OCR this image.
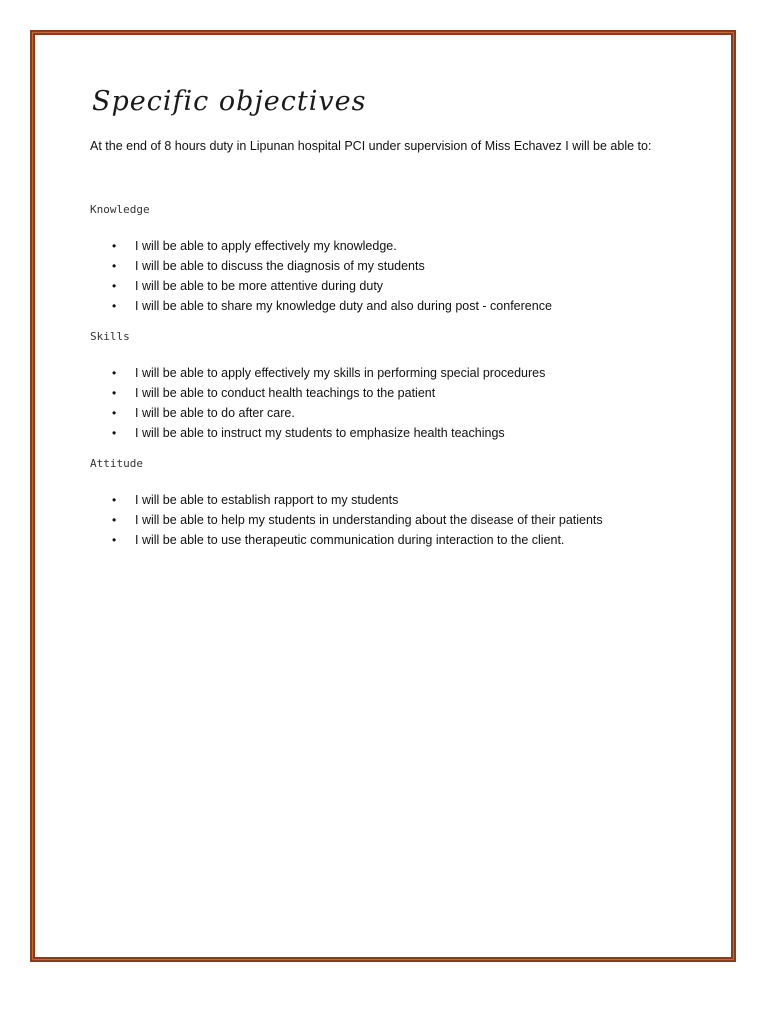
Specific objectives

At the end of 8 hours duty in Lipunan hospital PCI under supervision of Miss Echavez I will be able to:

Knowledge

• I will be able to apply effectively my knowledge.
• I will be able to discuss the diagnosis of my students
• I will be able to be more attentive during duty
• I will be able to share my knowledge duty and also during post - conference

Skills

• I will be able to apply effectively my skills in performing special procedures
• I will be able to conduct health teachings to the patient
• I will be able to do after care.
• I will be able to instruct my students to emphasize health teachings

Attitude

• I will be able to establish rapport to my students
• I will be able to help my students in understanding about the disease of their patients
• I will be able to use therapeutic communication during interaction to the client.
